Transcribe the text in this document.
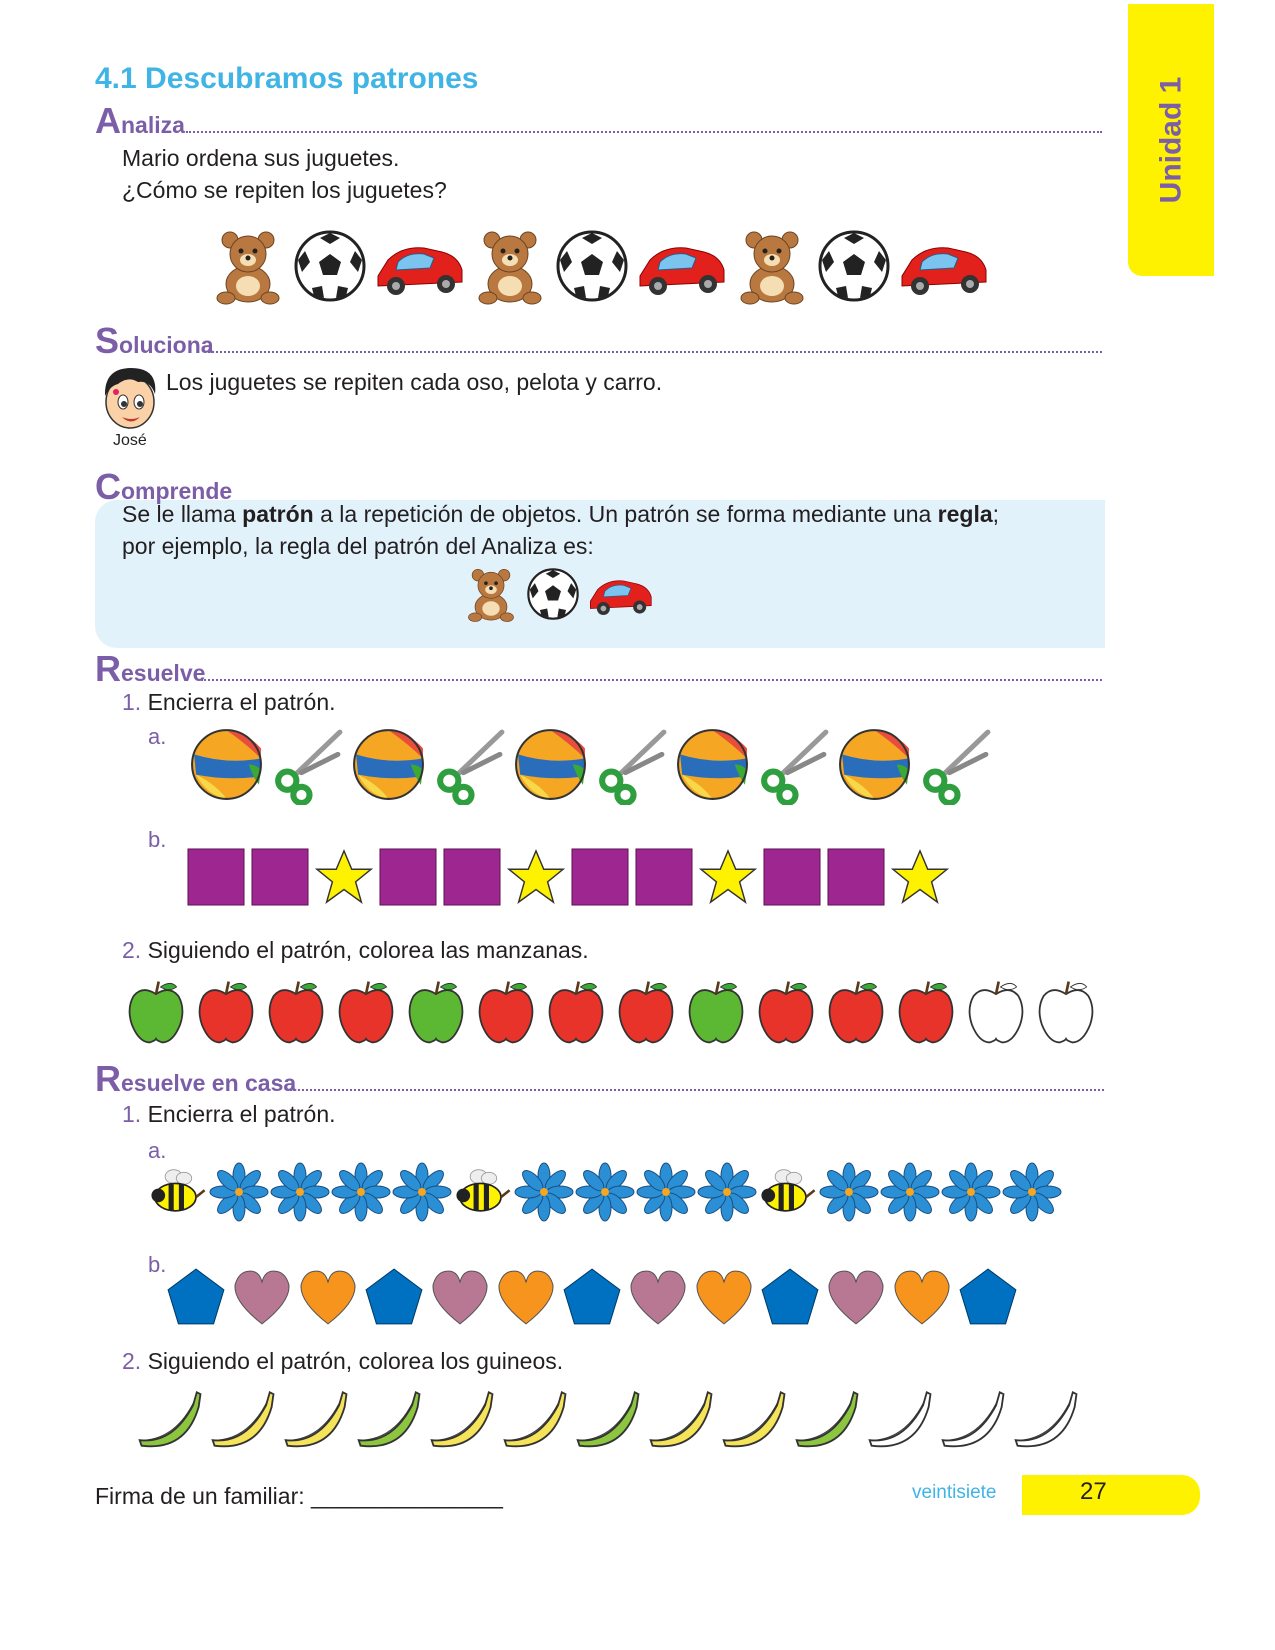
4.1 Descubramos patrones	Unidad 1
Analiza
Mario ordena sus juguetes.
¿Cómo se repiten los juguetes?
Soluciona
Los juguetes se repiten cada oso, pelota y carro.
José
Comprende
Se le llama patrón a la repetición de objetos. Un patrón se forma mediante una regla;
por ejemplo, la regla del patrón del Analiza es:
Resuelve
1. Encierra el patrón.
a.
b.
2. Siguiendo el patrón, colorea las manzanas.
Resuelve en casa
1. Encierra el patrón.
a.
b.
2. Siguiendo el patrón, colorea los guineos.
Firma de un familiar: _______________	veintisiete	27
